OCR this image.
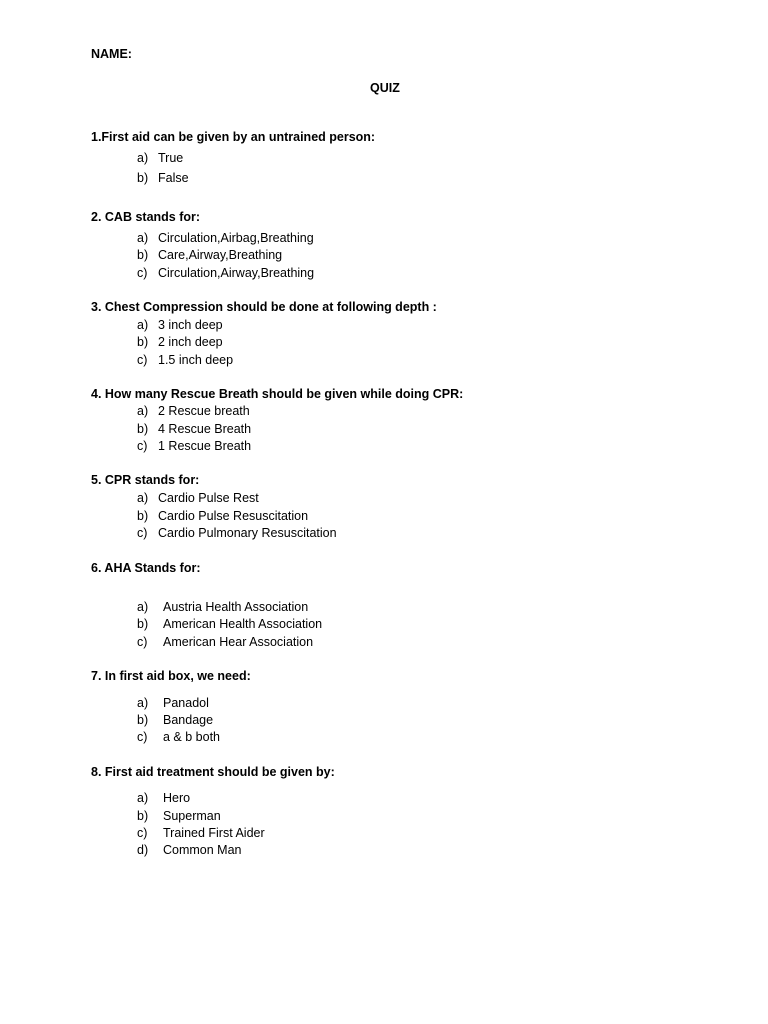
NAME:
QUIZ
1.First aid can be given by an untrained person:
a) True
b) False
2. CAB stands for:
a) Circulation,Airbag,Breathing
b) Care,Airway,Breathing
c) Circulation,Airway,Breathing
3. Chest Compression should be done at following depth :
a) 3 inch deep
b) 2 inch deep
c) 1.5 inch deep
4. How many Rescue Breath should be given while doing CPR:
a) 2 Rescue breath
b) 4 Rescue Breath
c) 1 Rescue Breath
5. CPR stands for:
a) Cardio Pulse Rest
b) Cardio Pulse Resuscitation
c) Cardio Pulmonary Resuscitation
6. AHA Stands for:
a) Austria Health Association
b) American Health Association
c) American Hear Association
7. In first aid box, we need:
a) Panadol
b) Bandage
c) a & b both
8. First aid treatment should be given by:
a) Hero
b) Superman
c) Trained First Aider
d) Common Man
